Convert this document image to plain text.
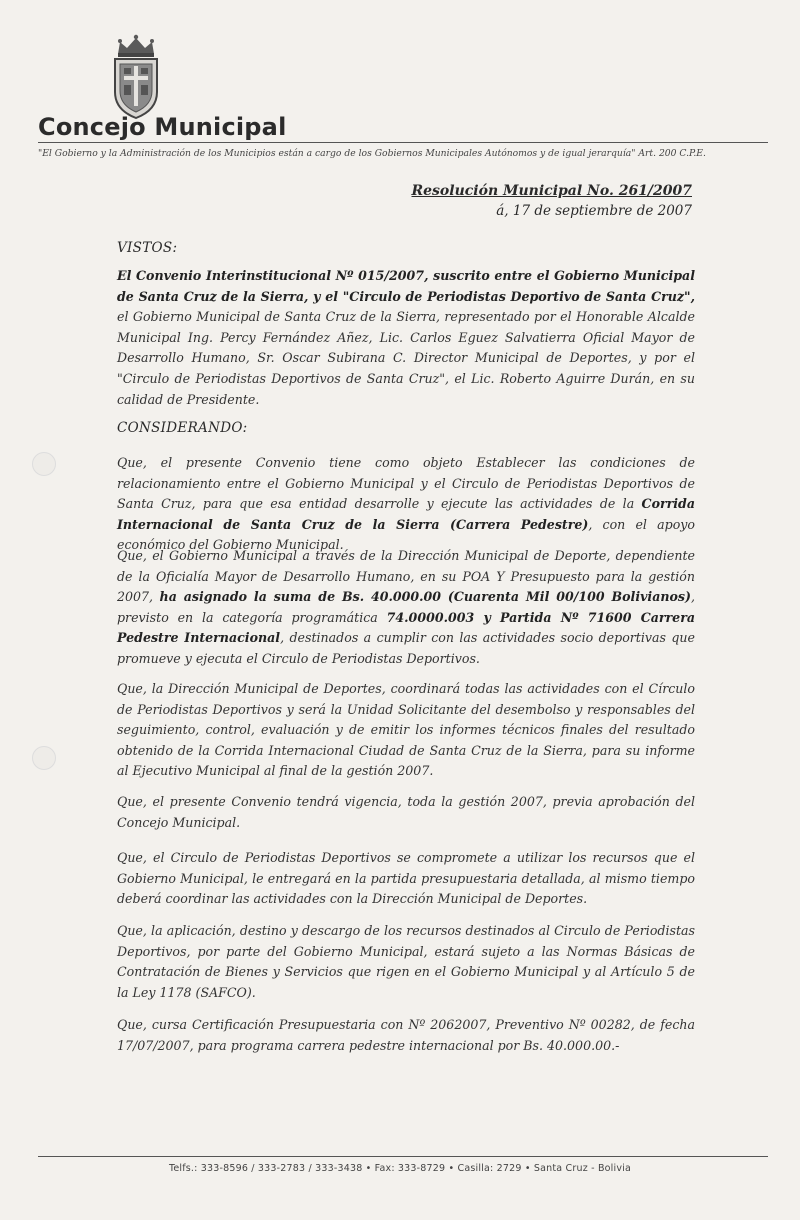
Concejo Municipal
"El Gobierno y la Administración de los Municipios están a cargo de los Gobiernos Municipales Autónomos y de igual jerarquía" Art. 200 C.P.E.
Resolución Municipal No. 261/2007
á, 17 de septiembre de 2007
VISTOS:
El Convenio Interinstitucional Nº 015/2007, suscrito entre el Gobierno Municipal de Santa Cruz de la Sierra, y el "Circulo de Periodistas Deportivo de Santa Cruz", el Gobierno Municipal de Santa Cruz de la Sierra, representado por el Honorable Alcalde Municipal Ing. Percy Fernández Añez, Lic. Carlos Eguez Salvatierra Oficial Mayor de Desarrollo Humano, Sr. Oscar Subirana C. Director Municipal de Deportes, y por el "Circulo de Periodistas Deportivos de Santa Cruz", el Lic. Roberto Aguirre Durán, en su calidad de Presidente.
CONSIDERANDO:
Que, el presente Convenio tiene como objeto Establecer las condiciones de relacionamiento entre el Gobierno Municipal y el Circulo de Periodistas Deportivos de Santa Cruz, para que esa entidad desarrolle y ejecute las actividades de la Corrida Internacional de Santa Cruz de la Sierra (Carrera Pedestre), con el apoyo económico del Gobierno Municipal.
Que, el Gobierno Municipal a través de la Dirección Municipal de Deporte, dependiente de la Oficialía Mayor de Desarrollo Humano, en su POA Y Presupuesto para la gestión 2007, ha asignado la suma de Bs. 40.000.00 (Cuarenta Mil 00/100 Bolivianos), previsto en la categoría programática 74.0000.003 y Partida Nº 71600 Carrera Pedestre Internacional, destinados a cumplir con las actividades socio deportivas que promueve y ejecuta el Circulo de Periodistas Deportivos.
Que, la Dirección Municipal de Deportes, coordinará todas las actividades con el Círculo de Periodistas Deportivos y será la Unidad Solicitante del desembolso y responsables del seguimiento, control, evaluación y de emitir los informes técnicos finales del resultado obtenido de la Corrida Internacional Ciudad de Santa Cruz de la Sierra, para su informe al Ejecutivo Municipal al final de la gestión 2007.
Que, el presente Convenio tendrá vigencia, toda la gestión 2007, previa aprobación del Concejo Municipal.
Que, el Circulo de Periodistas Deportivos se compromete a utilizar los recursos que el Gobierno Municipal, le entregará en la partida presupuestaria detallada, al mismo tiempo deberá coordinar las actividades con la Dirección Municipal de Deportes.
Que, la aplicación, destino y descargo de los recursos destinados al Circulo de Periodistas Deportivos, por parte del Gobierno Municipal, estará sujeto a las Normas Básicas de Contratación de Bienes y Servicios que rigen en el Gobierno Municipal y al Artículo 5 de la Ley 1178 (SAFCO).
Que, cursa Certificación Presupuestaria con Nº 2062007, Preventivo Nº 00282, de fecha 17/07/2007, para programa carrera pedestre internacional por Bs. 40.000.00.-
Telfs.: 333-8596 / 333-2783 / 333-3438 • Fax: 333-8729 • Casilla: 2729 • Santa Cruz - Bolivia
